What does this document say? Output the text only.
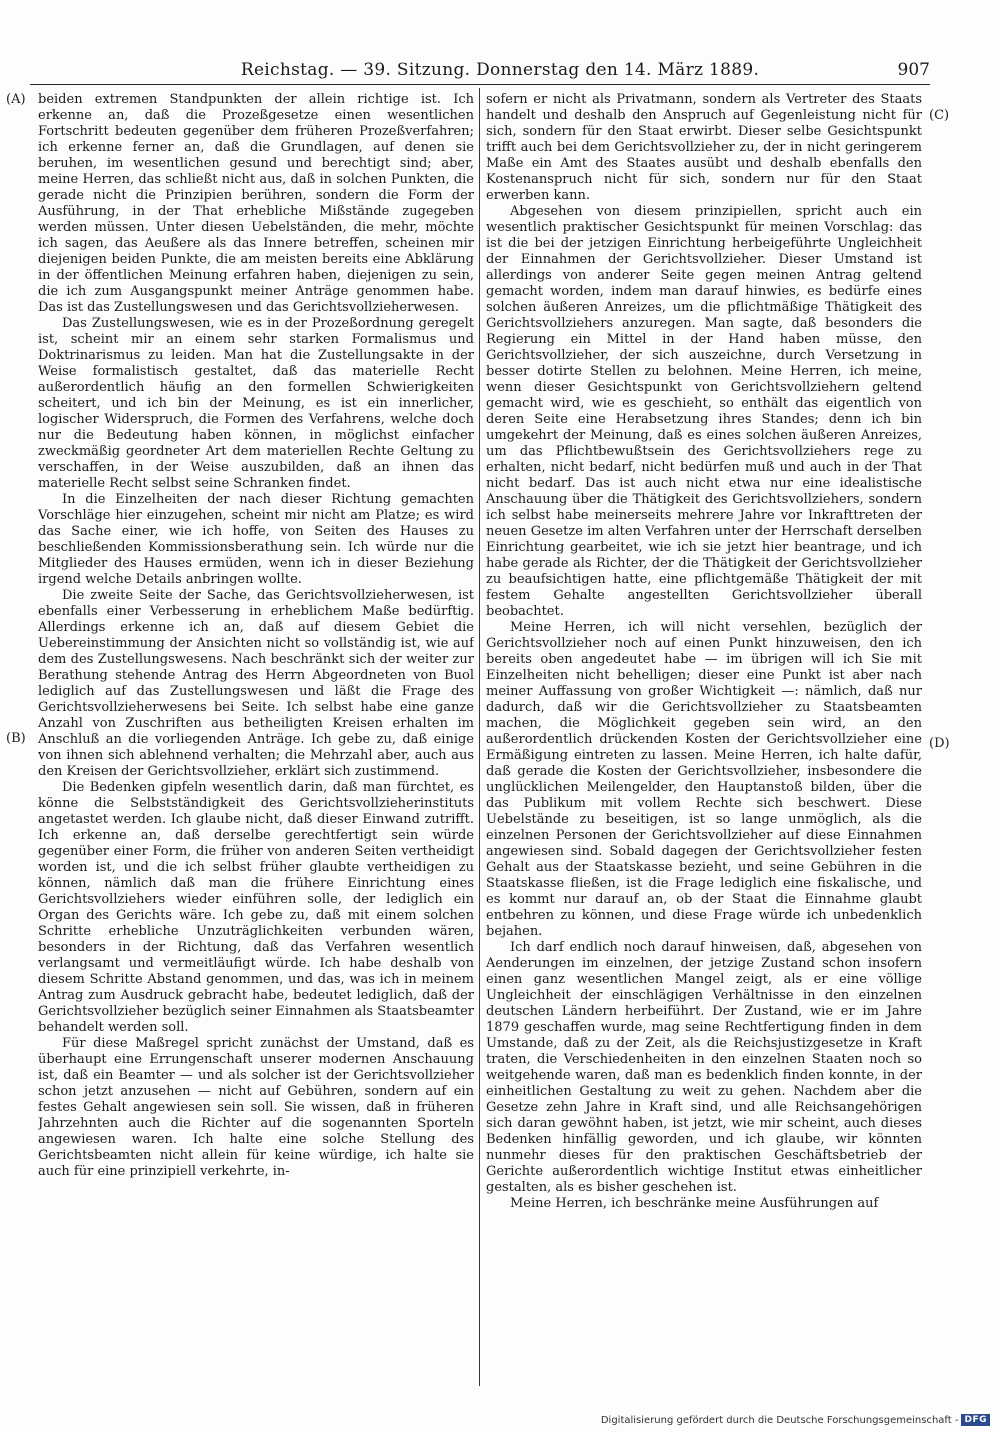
Reichstag. — 39. Sitzung. Donnerstag den 14. März 1889.	907
(A)
(B)
(C)
(D)

beiden extremen Standpunkten der allein richtige ist. Ich erkenne an, daß die Prozeßgesetze einen wesentlichen Fortschritt bedeuten gegenüber dem früheren Prozeßverfahren; ich erkenne ferner an, daß die Grundlagen, auf denen sie beruhen, im wesentlichen gesund und berechtigt sind; aber, meine Herren, das schließt nicht aus, daß in solchen Punkten, die gerade nicht die Prinzipien berühren, sondern die Form der Ausführung, in der That erhebliche Mißstände zugegeben werden müssen. Unter diesen Uebelständen, die mehr, möchte ich sagen, das Aeußere als das Innere betreffen, scheinen mir diejenigen beiden Punkte, die am meisten bereits eine Abklärung in der öffentlichen Meinung erfahren haben, diejenigen zu sein, die ich zum Ausgangspunkt meiner Anträge genommen habe. Das ist das Zustellungswesen und das Gerichtsvollzieherwesen.

Das Zustellungswesen, wie es in der Prozeßordnung geregelt ist, scheint mir an einem sehr starken Formalismus und Doktrinarismus zu leiden. Man hat die Zustellungsakte in der Weise formalistisch gestaltet, daß das materielle Recht außerordentlich häufig an den formellen Schwierigkeiten scheitert, und ich bin der Meinung, es ist ein innerlicher, logischer Widerspruch, die Formen des Verfahrens, welche doch nur die Bedeutung haben können, in möglichst einfacher zweckmäßig geordneter Art dem materiellen Rechte Geltung zu verschaffen, in der Weise auszubilden, daß an ihnen das materielle Recht selbst seine Schranken findet.

In die Einzelheiten der nach dieser Richtung gemachten Vorschläge hier einzugehen, scheint mir nicht am Platze; es wird das Sache einer, wie ich hoffe, von Seiten des Hauses zu beschließenden Kommissionsberathung sein. Ich würde nur die Mitglieder des Hauses ermüden, wenn ich in dieser Beziehung irgend welche Details anbringen wollte.

Die zweite Seite der Sache, das Gerichtsvollzieherwesen, ist ebenfalls einer Verbesserung in erheblichem Maße bedürftig. Allerdings erkenne ich an, daß auf diesem Gebiet die Uebereinstimmung der Ansichten nicht so vollständig ist, wie auf dem des Zustellungswesens. Nach beschränkt sich der weiter zur Berathung stehende Antrag des Herrn Abgeordneten von Buol lediglich auf das Zustellungswesen und läßt die Frage des Gerichtsvollzieherwesens bei Seite. Ich selbst habe eine ganze Anzahl von Zuschriften aus betheiligten Kreisen erhalten im Anschluß an die vorliegenden Anträge. Ich gebe zu, daß einige von ihnen sich ablehnend verhalten; die Mehrzahl aber, auch aus den Kreisen der Gerichtsvollzieher, erklärt sich zustimmend.

Die Bedenken gipfeln wesentlich darin, daß man fürchtet, es könne die Selbstständigkeit des Gerichtsvollzieherinstituts angetastet werden. Ich glaube nicht, daß dieser Einwand zutrifft. Ich erkenne an, daß derselbe gerechtfertigt sein würde gegenüber einer Form, die früher von anderen Seiten vertheidigt worden ist, und die ich selbst früher glaubte vertheidigen zu können, nämlich daß man die frühere Einrichtung eines Gerichtsvollziehers wieder einführen solle, der lediglich ein Organ des Gerichts wäre. Ich gebe zu, daß mit einem solchen Schritte erhebliche Unzuträglichkeiten verbunden wären, besonders in der Richtung, daß das Verfahren wesentlich verlangsamt und vermeitläufigt würde. Ich habe deshalb von diesem Schritte Abstand genommen, und das, was ich in meinem Antrag zum Ausdruck gebracht habe, bedeutet lediglich, daß der Gerichtsvollzieher bezüglich seiner Einnahmen als Staatsbeamter behandelt werden soll.

Für diese Maßregel spricht zunächst der Umstand, daß es überhaupt eine Errungenschaft unserer modernen Anschauung ist, daß ein Beamter — und als solcher ist der Gerichtsvollzieher schon jetzt anzusehen — nicht auf Gebühren, sondern auf ein festes Gehalt angewiesen sein soll. Sie wissen, daß in früheren Jahrzehnten auch die Richter auf die sogenannten Sporteln angewiesen waren. Ich halte eine solche Stellung des Gerichtsbeamten nicht allein für keine würdige, ich halte sie auch für eine prinzipiell verkehrte, in-

sofern er nicht als Privatmann, sondern als Vertreter des Staats handelt und deshalb den Anspruch auf Gegenleistung nicht für sich, sondern für den Staat erwirbt. Dieser selbe Gesichtspunkt trifft auch bei dem Gerichtsvollzieher zu, der in nicht geringerem Maße ein Amt des Staates ausübt und deshalb ebenfalls den Kostenanspruch nicht für sich, sondern nur für den Staat erwerben kann.

Abgesehen von diesem prinzipiellen, spricht auch ein wesentlich praktischer Gesichtspunkt für meinen Vorschlag: das ist die bei der jetzigen Einrichtung herbeigeführte Ungleichheit der Einnahmen der Gerichtsvollzieher. Dieser Umstand ist allerdings von anderer Seite gegen meinen Antrag geltend gemacht worden, indem man darauf hinwies, es bedürfe eines solchen äußeren Anreizes, um die pflichtmäßige Thätigkeit des Gerichtsvollziehers anzuregen. Man sagte, daß besonders die Regierung ein Mittel in der Hand haben müsse, den Gerichtsvollzieher, der sich auszeichne, durch Versetzung in besser dotirte Stellen zu belohnen. Meine Herren, ich meine, wenn dieser Gesichtspunkt von Gerichtsvollziehern geltend gemacht wird, wie es geschieht, so enthält das eigentlich von deren Seite eine Herabsetzung ihres Standes; denn ich bin umgekehrt der Meinung, daß es eines solchen äußeren Anreizes, um das Pflichtbewußtsein des Gerichtsvollziehers rege zu erhalten, nicht bedarf, nicht bedürfen muß und auch in der That nicht bedarf. Das ist auch nicht etwa nur eine idealistische Anschauung über die Thätigkeit des Gerichtsvollziehers, sondern ich selbst habe meinerseits mehrere Jahre vor Inkrafttreten der neuen Gesetze im alten Verfahren unter der Herrschaft derselben Einrichtung gearbeitet, wie ich sie jetzt hier beantrage, und ich habe gerade als Richter, der die Thätigkeit der Gerichtsvollzieher zu beaufsichtigen hatte, eine pflichtgemäße Thätigkeit der mit festem Gehalte angestellten Gerichtsvollzieher überall beobachtet.

Meine Herren, ich will nicht versehlen, bezüglich der Gerichtsvollzieher noch auf einen Punkt hinzuweisen, den ich bereits oben angedeutet habe — im übrigen will ich Sie mit Einzelheiten nicht behelligen; dieser eine Punkt ist aber nach meiner Auffassung von großer Wichtigkeit —: nämlich, daß nur dadurch, daß wir die Gerichtsvollzieher zu Staatsbeamten machen, die Möglichkeit gegeben sein wird, an den außerordentlich drückenden Kosten der Gerichtsvollzieher eine Ermäßigung eintreten zu lassen. Meine Herren, ich halte dafür, daß gerade die Kosten der Gerichtsvollzieher, insbesondere die unglücklichen Meilengelder, den Hauptanstoß bilden, über die das Publikum mit vollem Rechte sich beschwert. Diese Uebelstände zu beseitigen, ist so lange unmöglich, als die einzelnen Personen der Gerichtsvollzieher auf diese Einnahmen angewiesen sind. Sobald dagegen der Gerichtsvollzieher festen Gehalt aus der Staatskasse bezieht, und seine Gebühren in die Staatskasse fließen, ist die Frage lediglich eine fiskalische, und es kommt nur darauf an, ob der Staat die Einnahme glaubt entbehren zu können, und diese Frage würde ich unbedenklich bejahen.

Ich darf endlich noch darauf hinweisen, daß, abgesehen von Aenderungen im einzelnen, der jetzige Zustand schon insofern einen ganz wesentlichen Mangel zeigt, als er eine völlige Ungleichheit der einschlägigen Verhältnisse in den einzelnen deutschen Ländern herbeiführt. Der Zustand, wie er im Jahre 1879 geschaffen wurde, mag seine Rechtfertigung finden in dem Umstande, daß zu der Zeit, als die Reichsjustizgesetze in Kraft traten, die Verschiedenheiten in den einzelnen Staaten noch so weitgehende waren, daß man es bedenklich finden konnte, in der einheitlichen Gestaltung zu weit zu gehen. Nachdem aber die Gesetze zehn Jahre in Kraft sind, und alle Reichsangehörigen sich daran gewöhnt haben, ist jetzt, wie mir scheint, auch dieses Bedenken hinfällig geworden, und ich glaube, wir könnten nunmehr dieses für den praktischen Geschäftsbetrieb der Gerichte außerordentlich wichtige Institut etwas einheitlicher gestalten, als es bisher geschehen ist.

Meine Herren, ich beschränke meine Ausführungen auf

Digitalisierung gefördert durch die Deutsche Forschungsgemeinschaft - DFG
